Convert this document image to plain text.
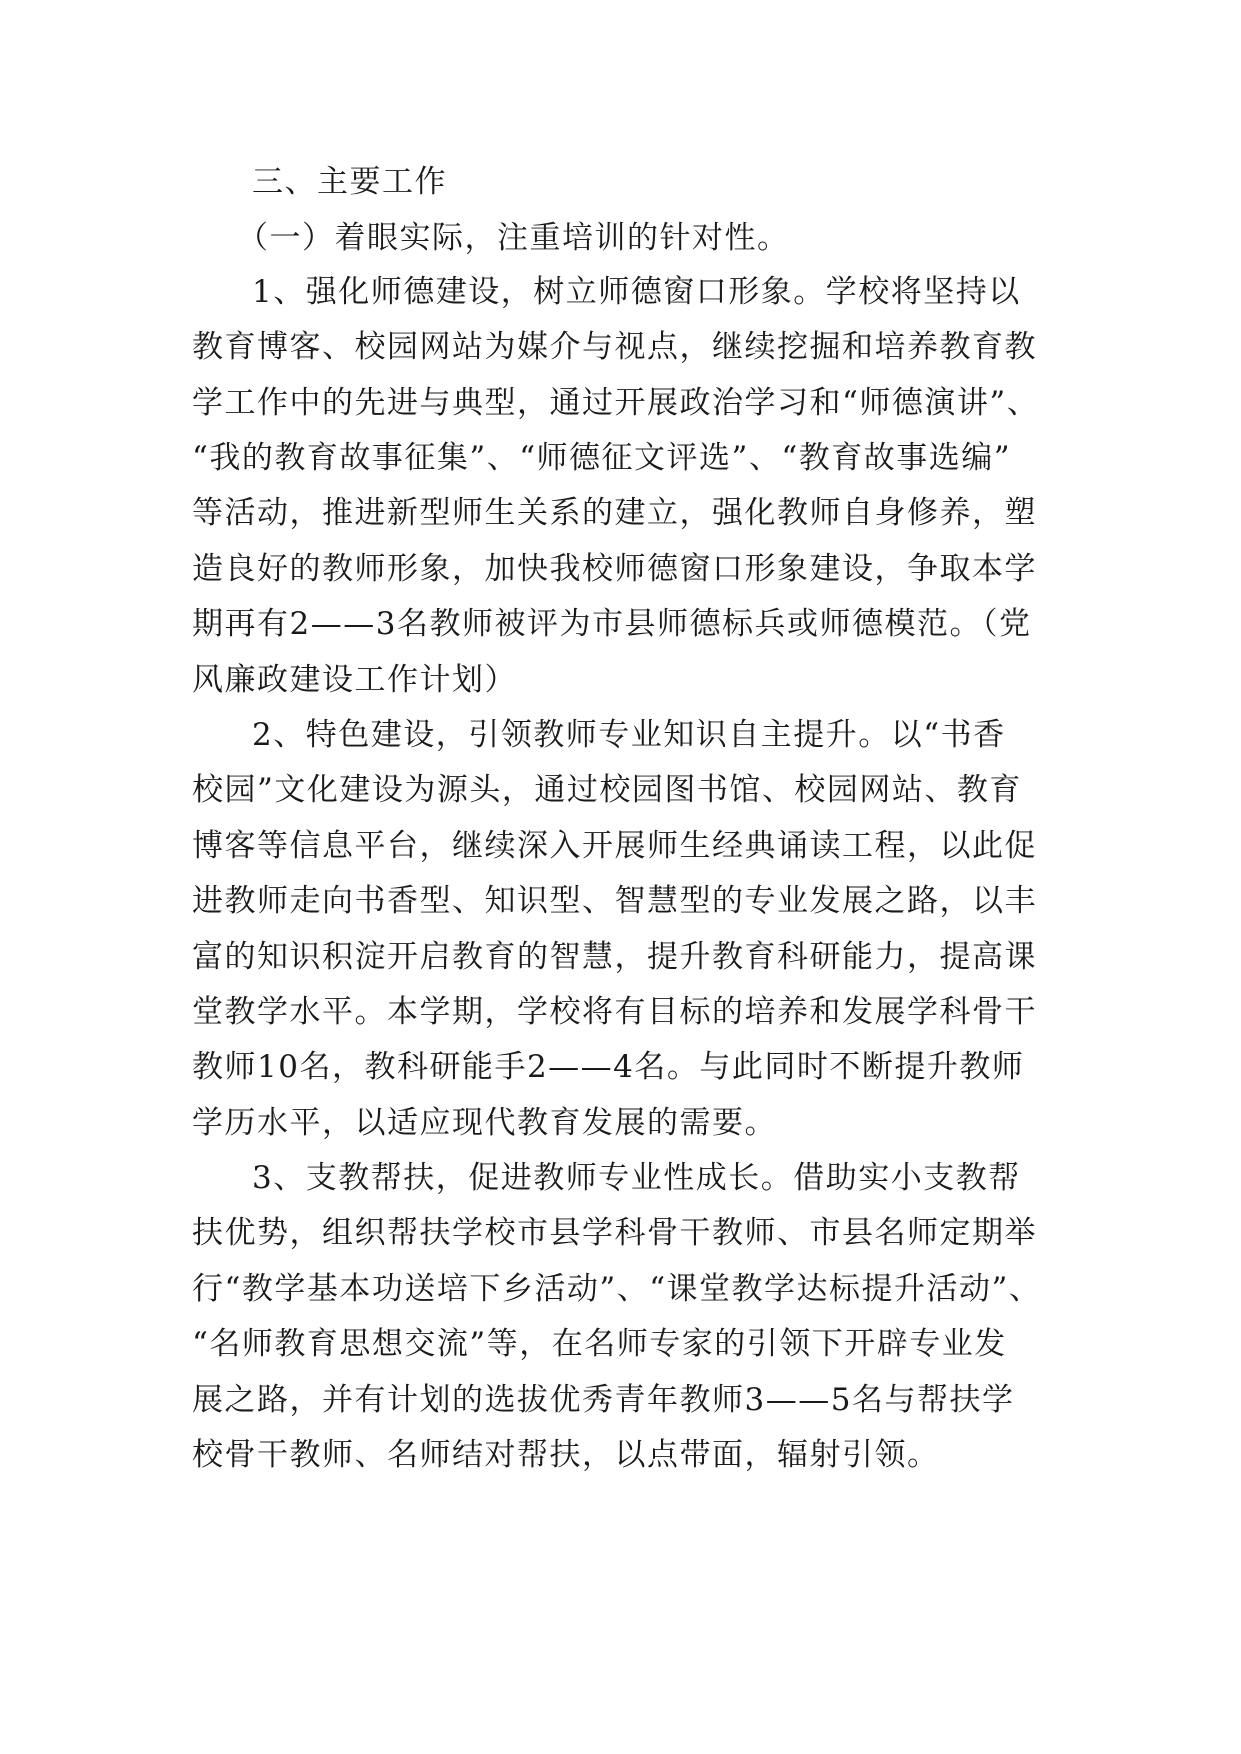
三、主要工作
（一）着眼实际，注重培训的针对性。
1、强化师德建设，树立师德窗口形象。学校将坚持以
教育博客、校园网站为媒介与视点，继续挖掘和培养教育教
学工作中的先进与典型，通过开展政治学习和“师德演讲”、
“我的教育故事征集”、“师德征文评选”、“教育故事选编”
等活动，推进新型师生关系的建立，强化教师自身修养，塑
造良好的教师形象，加快我校师德窗口形象建设，争取本学
期再有2——3名教师被评为市县师德标兵或师德模范。（党
风廉政建设工作计划）
2、特色建设，引领教师专业知识自主提升。以“书香
校园”文化建设为源头，通过校园图书馆、校园网站、教育
博客等信息平台，继续深入开展师生经典诵读工程，以此促
进教师走向书香型、知识型、智慧型的专业发展之路，以丰
富的知识积淀开启教育的智慧，提升教育科研能力，提高课
堂教学水平。本学期，学校将有目标的培养和发展学科骨干
教师10名，教科研能手2——4名。与此同时不断提升教师
学历水平，以适应现代教育发展的需要。
3、支教帮扶，促进教师专业性成长。借助实小支教帮
扶优势，组织帮扶学校市县学科骨干教师、市县名师定期举
行“教学基本功送培下乡活动”、“课堂教学达标提升活动”、
“名师教育思想交流”等，在名师专家的引领下开辟专业发
展之路，并有计划的选拔优秀青年教师3——5名与帮扶学
校骨干教师、名师结对帮扶，以点带面，辐射引领。
